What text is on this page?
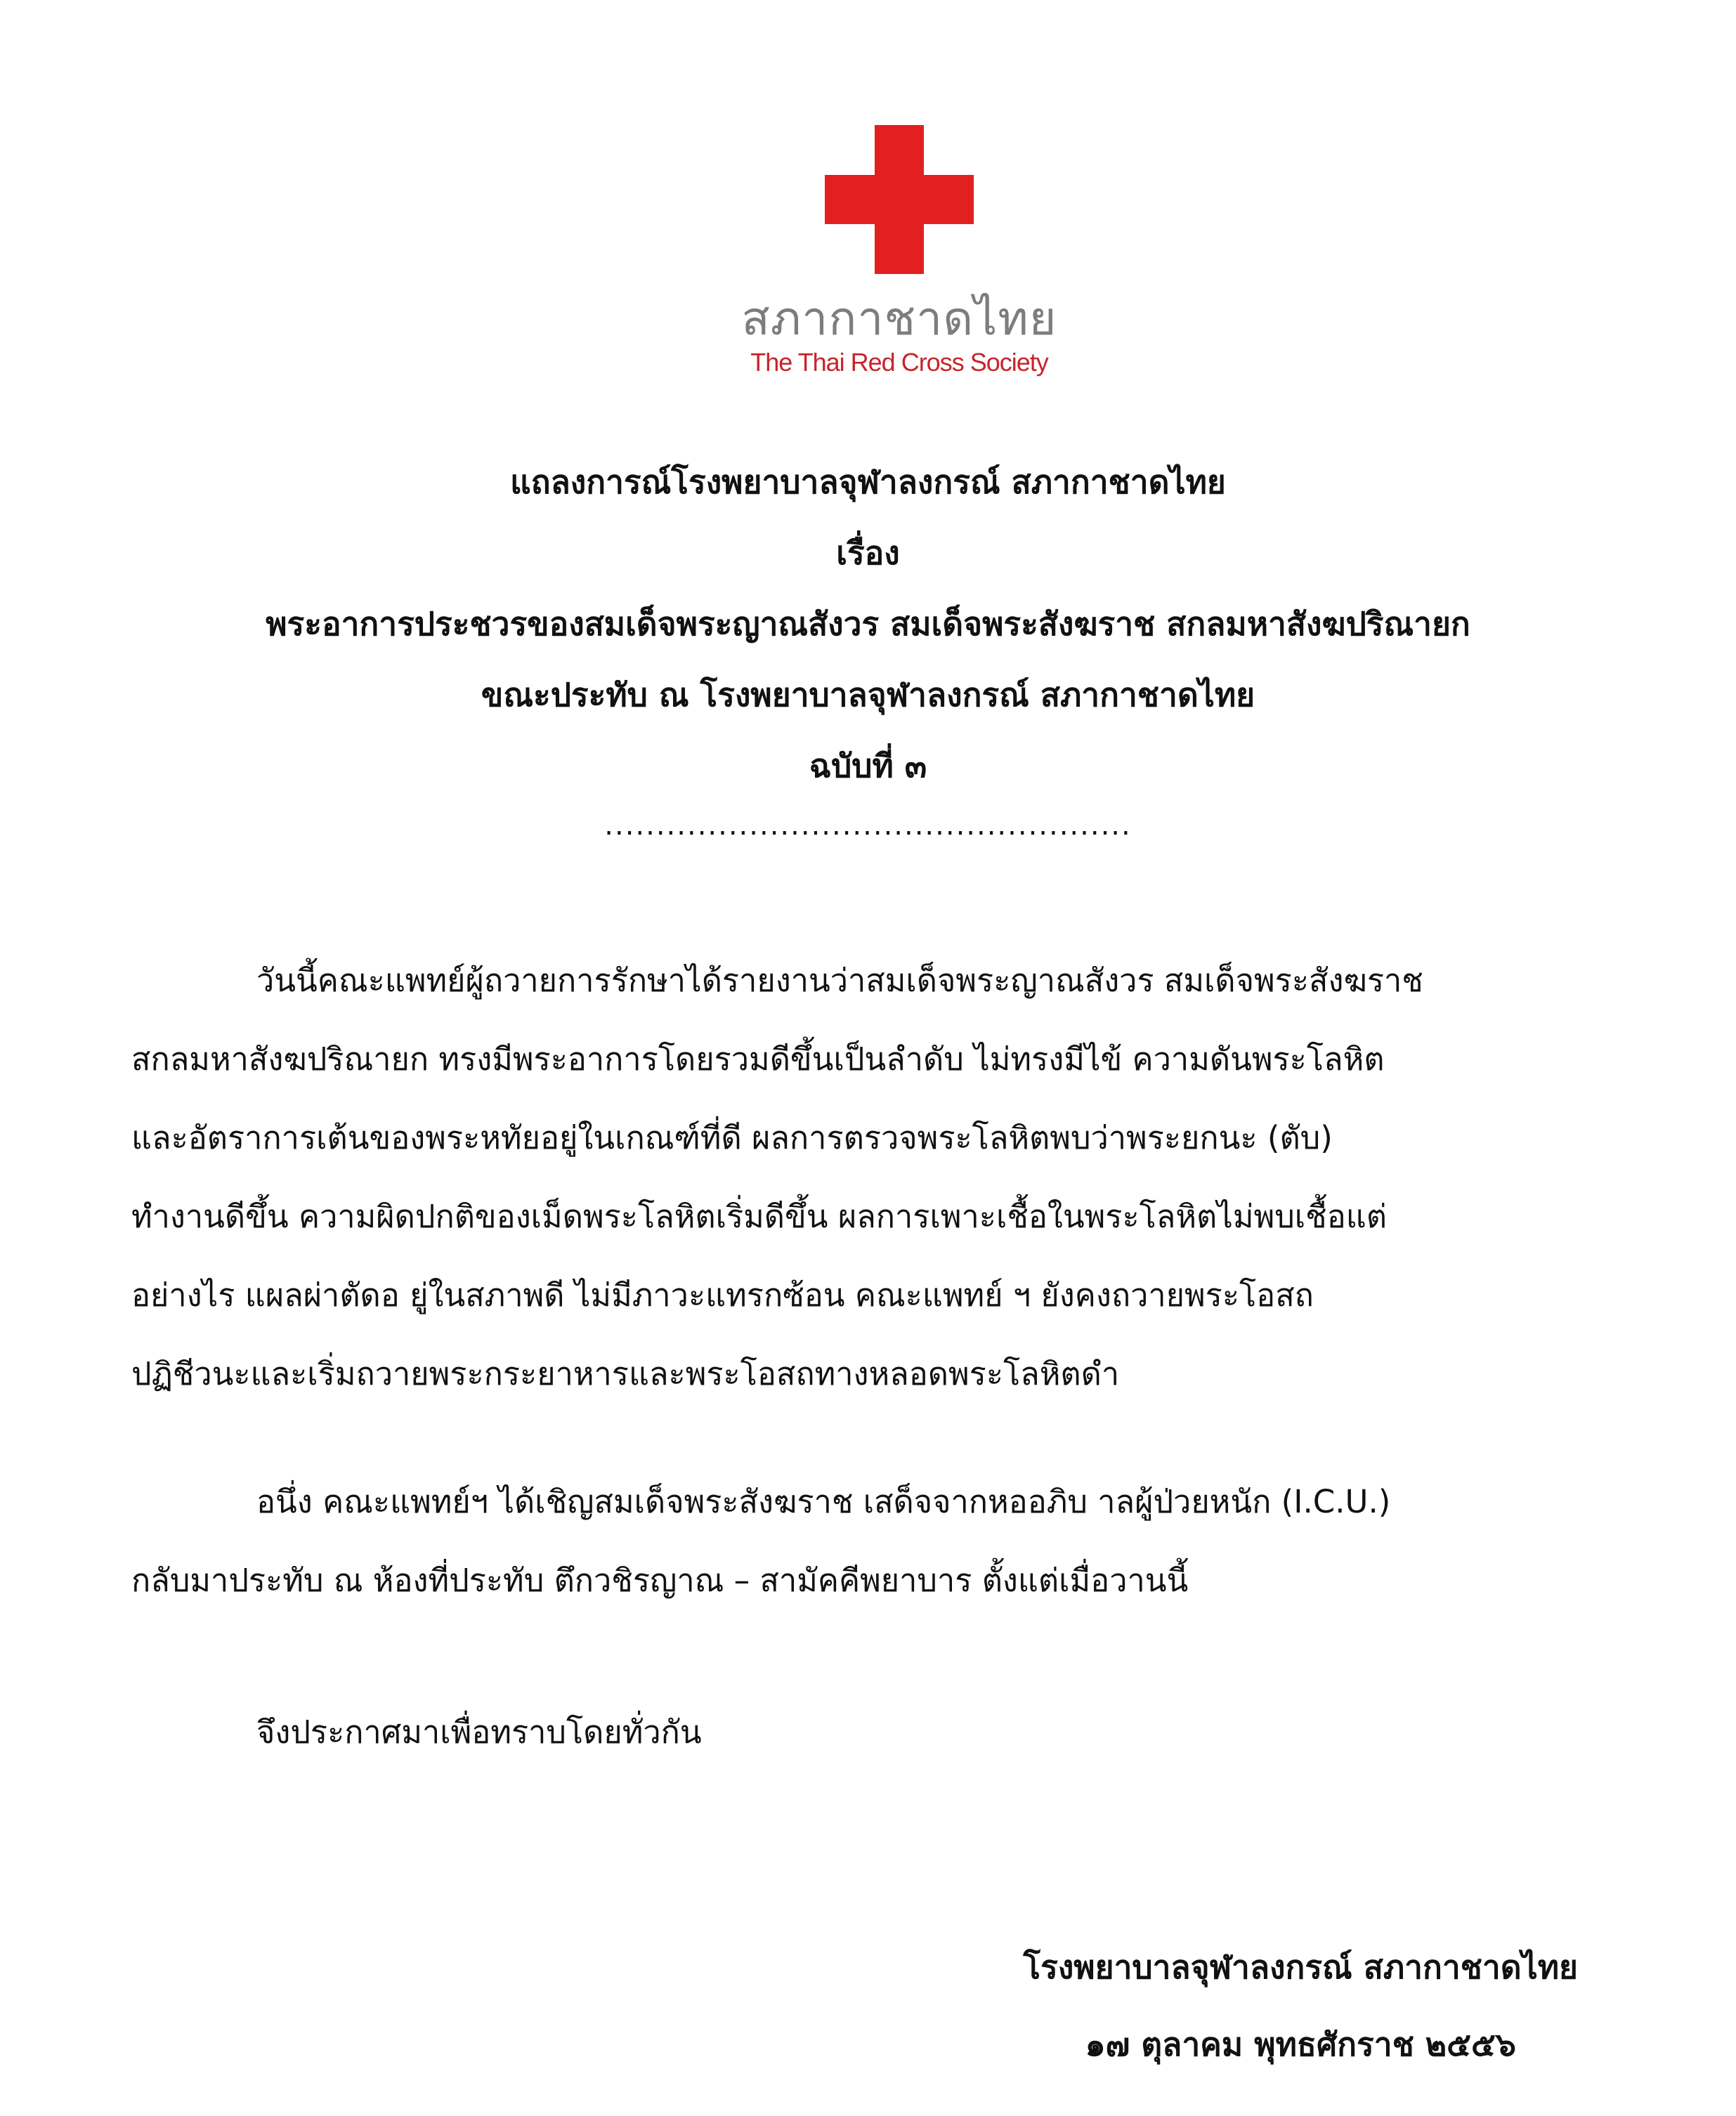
สภากาชาดไทย
The Thai Red Cross Society
แถลงการณ์โรงพยาบาลจุฬาลงกรณ์ สภากาชาดไทย
เรื่อง
พระอาการประชวรของสมเด็จพระญาณสังวร สมเด็จพระสังฆราช สกลมหาสังฆปริณายก
ขณะประทับ ณ โรงพยาบาลจุฬาลงกรณ์ สภากาชาดไทย
ฉบับที่ ๓
...................................................
วันนี้คณะแพทย์ผู้ถวายการรักษาได้รายงานว่าสมเด็จพระญาณสังวร สมเด็จพระสังฆราช
สกลมหาสังฆปริณายก ทรงมีพระอาการโดยรวมดีขึ้นเป็นลำดับ ไม่ทรงมีไข้ ความดันพระโลหิต
และอัตราการเต้นของพระหทัยอยู่ในเกณฑ์ที่ดี ผลการตรวจพระโลหิตพบว่าพระยกนะ (ตับ)
ทำงานดีขึ้น ความผิดปกติของเม็ดพระโลหิตเริ่มดีขึ้น ผลการเพาะเชื้อในพระโลหิตไม่พบเชื้อแต่
อย่างไร แผลผ่าตัดอ ยู่ในสภาพดี ไม่มีภาวะแทรกซ้อน คณะแพทย์ ฯ ยังคงถวายพระโอสถ
ปฏิชีวนะและเริ่มถวายพระกระยาหารและพระโอสถทางหลอดพระโลหิตดำ
อนึ่ง คณะแพทย์ฯ ได้เชิญสมเด็จพระสังฆราช เสด็จจากหออภิบ าลผู้ป่วยหนัก (I.C.U.)
กลับมาประทับ ณ ห้องที่ประทับ ตึกวชิรญาณ – สามัคคีพยาบาร ตั้งแต่เมื่อวานนี้
จึงประกาศมาเพื่อทราบโดยทั่วกัน
โรงพยาบาลจุฬาลงกรณ์ สภากาชาดไทย
๑๗ ตุลาคม พุทธศักราช ๒๕๕๖
